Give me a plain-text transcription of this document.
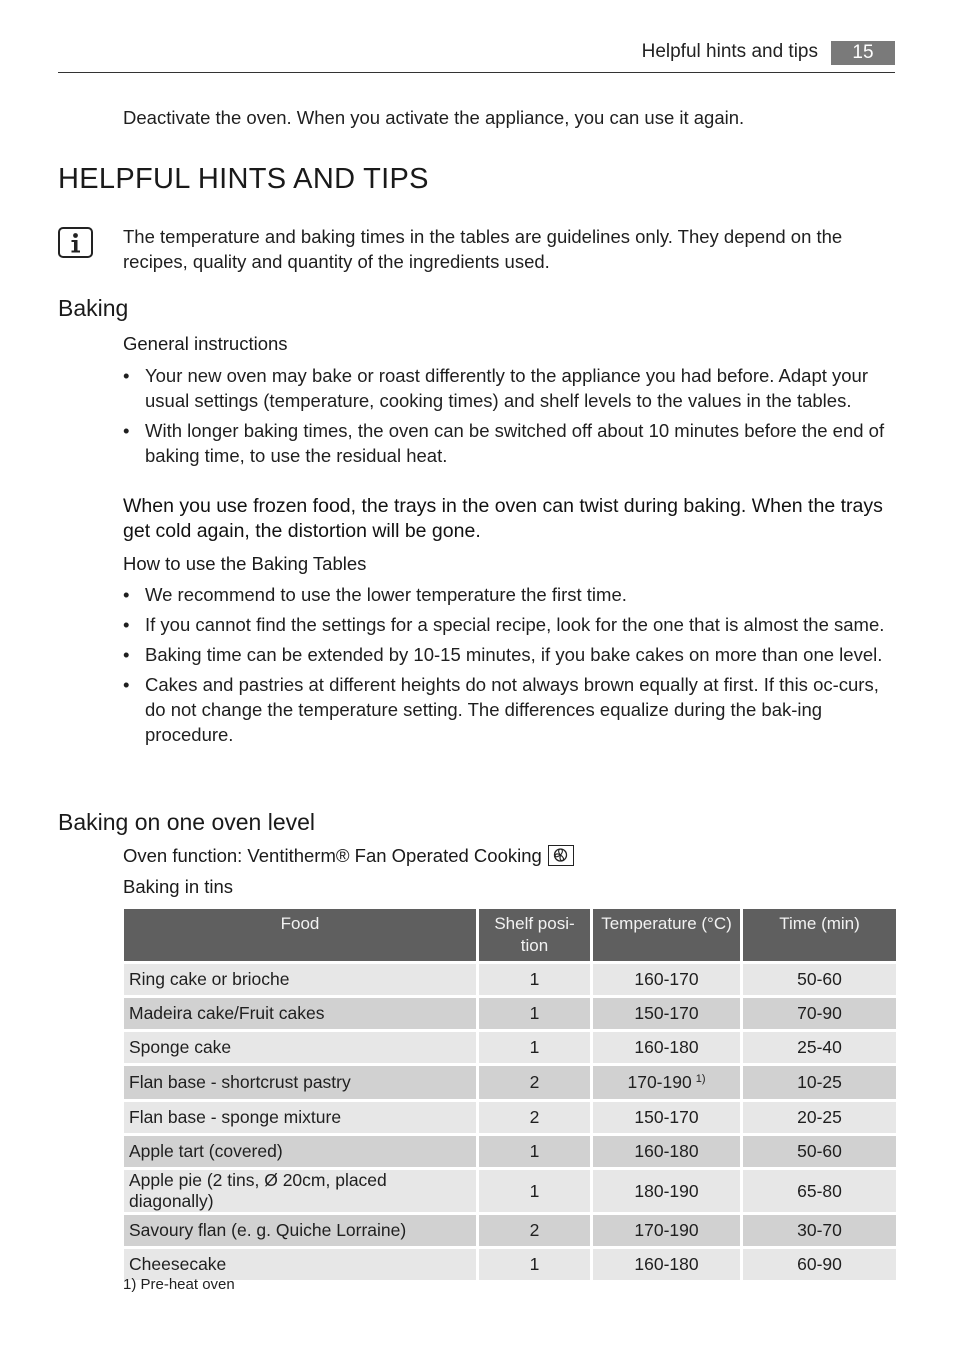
Helpful hints and tips	15
Deactivate the oven. When you activate the appliance, you can use it again.
HELPFUL HINTS AND TIPS
The temperature and baking times in the tables are guidelines only. They depend on the recipes, quality and quantity of the ingredients used.
Baking
General instructions
• Your new oven may bake or roast differently to the appliance you had before. Adapt your usual settings (temperature, cooking times) and shelf levels to the values in the tables.
• With longer baking times, the oven can be switched off about 10 minutes before the end of baking time, to use the residual heat.
When you use frozen food, the trays in the oven can twist during baking. When the trays get cold again, the distortion will be gone.
How to use the Baking Tables
• We recommend to use the lower temperature the first time.
• If you cannot find the settings for a special recipe, look for the one that is almost the same.
• Baking time can be extended by 10-15 minutes, if you bake cakes on more than one level.
• Cakes and pastries at different heights do not always brown equally at first. If this oc-curs, do not change the temperature setting. The differences equalize during the bak-ing procedure.
Baking on one oven level
Oven function: Ventitherm® Fan Operated Cooking
Baking in tins
Food	Shelf posi-tion	Temperature (°C)	Time (min)
Ring cake or brioche	1	160-170	50-60
Madeira cake/Fruit cakes	1	150-170	70-90
Sponge cake	1	160-180	25-40
Flan base - shortcrust pastry	2	170-190 $^{1)}$	10-25
Flan base - sponge mixture	2	150-170	20-25
Apple tart (covered)	1	160-180	50-60
Apple pie (2 tins, Ø 20cm, placed diagonally)	1	180-190	65-80
Savoury flan (e. g. Quiche Lorraine)	2	170-190	30-70
Cheesecake	1	160-180	60-90
1) Pre-heat oven
